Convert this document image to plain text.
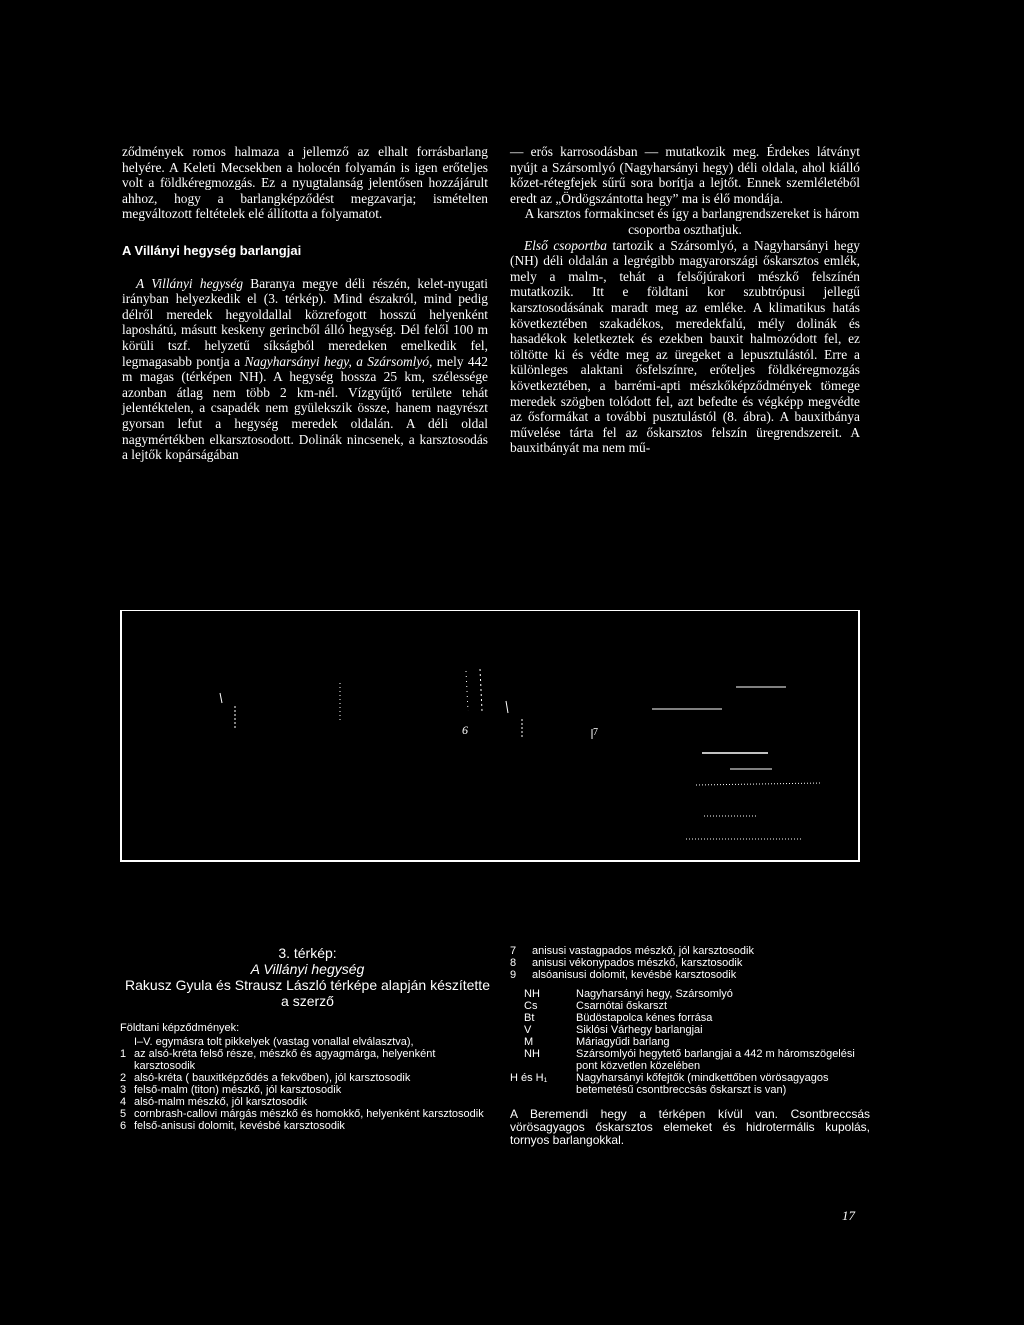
ződmények romos halmaza a jellemző az elhalt forrásbarlang helyére. A Keleti Mecsekben a holocén folyamán is igen erőteljes volt a földkéregmozgás. Ez a nyugtalanság jelentősen hozzájárult ahhoz, hogy a barlangképződést megzavarja; ismételten megváltozott feltételek elé állította a folyamatot.

A Villányi hegység barlangjai

A Villányi hegység Baranya megye déli részén, kelet-nyugati irányban helyezkedik el (3. térkép). Mind északról, mind pedig délről meredek hegyoldallal közrefogott hosszú helyenként laposhátú, másutt keskeny gerincből álló hegység. Dél felől 100 m körüli tszf. helyzetű síkságból meredeken emelkedik fel, legmagasabb pontja a Nagyharsányi hegy, a Szársomlyó, mely 442 m magas (térképen NH). A hegység hossza 25 km, szélessége azonban átlag nem több 2 km-nél. Vízgyűjtő területe tehát jelentéktelen, a csapadék nem gyülekszik össze, hanem nagyrészt gyorsan lefut a hegység meredek oldalán. A déli oldal nagymértékben elkarsztosodott. Dolinák nincsenek, a karsztosodás a lejtők kopárságában

— erős karrosodásban — mutatkozik meg. Érdekes látványt nyújt a Szársomlyó (Nagyharsányi hegy) déli oldala, ahol kiálló kőzet-rétegfejek sűrű sora borítja a lejtőt. Ennek szemléletéből eredt az „Ördögszántotta hegy” ma is élő mondája.

A karsztos formakincset és így a barlangrendszereket is három csoportba oszthatjuk.

Első csoportba tartozik a Szársomlyó, a Nagyharsányi hegy (NH) déli oldalán a legrégibb magyarországi őskarsztos emlék, mely a malm-, tehát a felsőjúrakori mészkő felszínén mutatkozik. Itt e földtani kor szubtrópusi jellegű karsztosodásának maradt meg az emléke. A klimatikus hatás következtében szakadékos, meredekfalú, mély dolinák és hasadékok keletkeztek és ezekben bauxit halmozódott fel, ez töltötte ki és védte meg az üregeket a lepusztulástól. Erre a különleges alaktani ősfelszínre, erőteljes földkéregmozgás következtében, a barrémi-apti mészkőképződmények tömege meredek szögben tolódott fel, azt befedte és végképp megvédte az ősformákat a további pusztulástól (8. ábra). A bauxitbánya művelése tárta fel az őskarsztos felszín üregrendszereit. A bauxitbányát ma nem mű-

6	7
3. térkép:
A Villányi hegység
Rakusz Gyula és Strausz László térképe alapján készítette a szerző
Földtani képződmények:
I–V. egymásra tolt pikkelyek (vastag vonallal elválasztva),
1 az alsó-kréta felső része, mészkő és agyagmárga, helyenként karsztosodik
2 alsó-kréta ( bauxitképződés a fekvőben), jól karsztosodik
3 felső-malm (titon) mészkő, jól karsztosodik
4 alsó-malm mészkő, jól karsztosodik
5 cornbrash-callovi márgás mészkő és homokkő, helyenként karsztosodik
6 felső-anisusi dolomit, kevésbé karsztosodik
7	anisusi vastagpados mészkő, jól karsztosodik
8	anisusi vékonypados mészkő, karsztosodik
9	alsóanisusi dolomit, kevésbé karsztosodik
NH	Nagyharsányi hegy, Szársomlyó
Cs	Csarnótai őskarszt
Bt	Büdöstapolca kénes forrása
V	Siklósi Várhegy barlangjai
M	Máriagyűdi barlang
NH	Szársomlyói hegytető barlangjai a 442 m háromszögelési pont közvetlen közelében
H és H₁	Nagyharsányi kőfejtők (mindkettőben vörösagyagos betemetésű csontbreccsás őskarszt is van)
A Beremendi hegy a térképen kívül van. Csontbreccsás vörösagyagos őskarsztos elemeket és hidrotermális kupolás, tornyos barlangokkal.
17
